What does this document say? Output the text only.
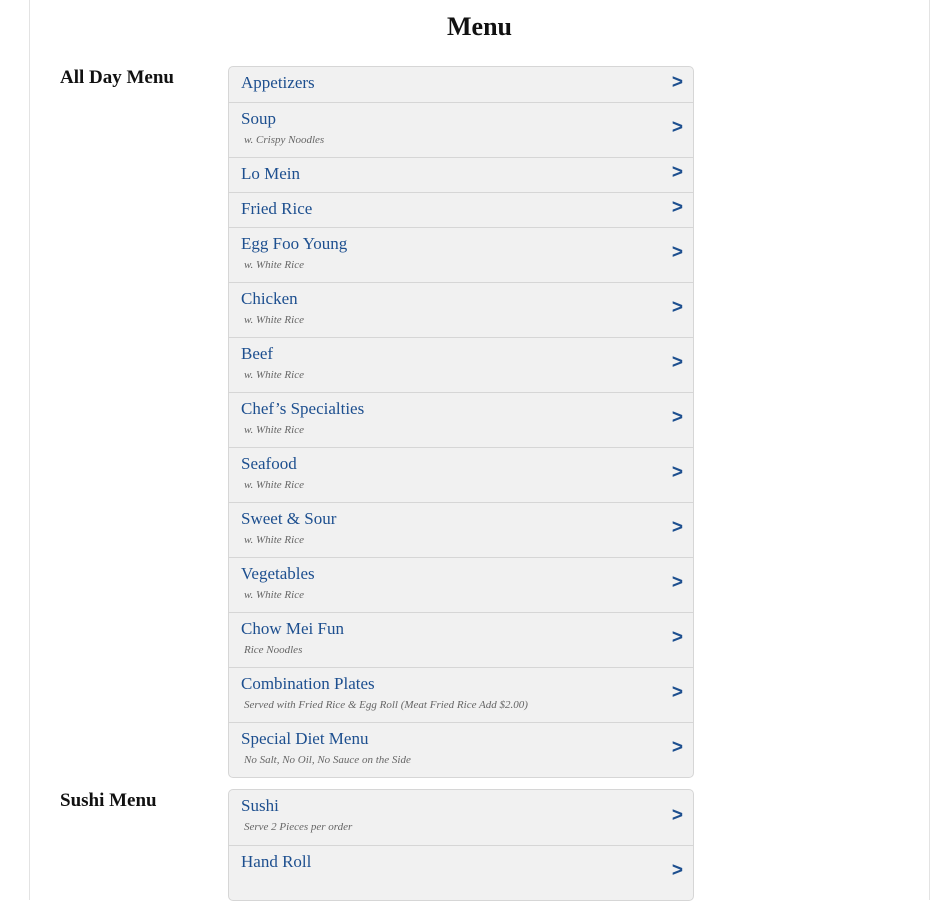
Menu
All Day Menu	Appetizers	>
Soup
w. Crispy Noodles
>
Lo Mein	>
Fried Rice	>
Egg Foo Young
w. White Rice
>
Chicken
w. White Rice
>
Beef
w. White Rice
>
Chef’s Specialties
w. White Rice
>
Seafood
w. White Rice
>
Sweet & Sour
w. White Rice
>
Vegetables
w. White Rice
>
Chow Mei Fun
Rice Noodles
>
Combination Plates
Served with Fried Rice & Egg Roll (Meat Fried Rice Add $2.00)
>
Special Diet Menu
No Salt, No Oil, No Sauce on the Side
>
Sushi Menu	Sushi
Serve 2 Pieces per order
>
Hand Roll	>
